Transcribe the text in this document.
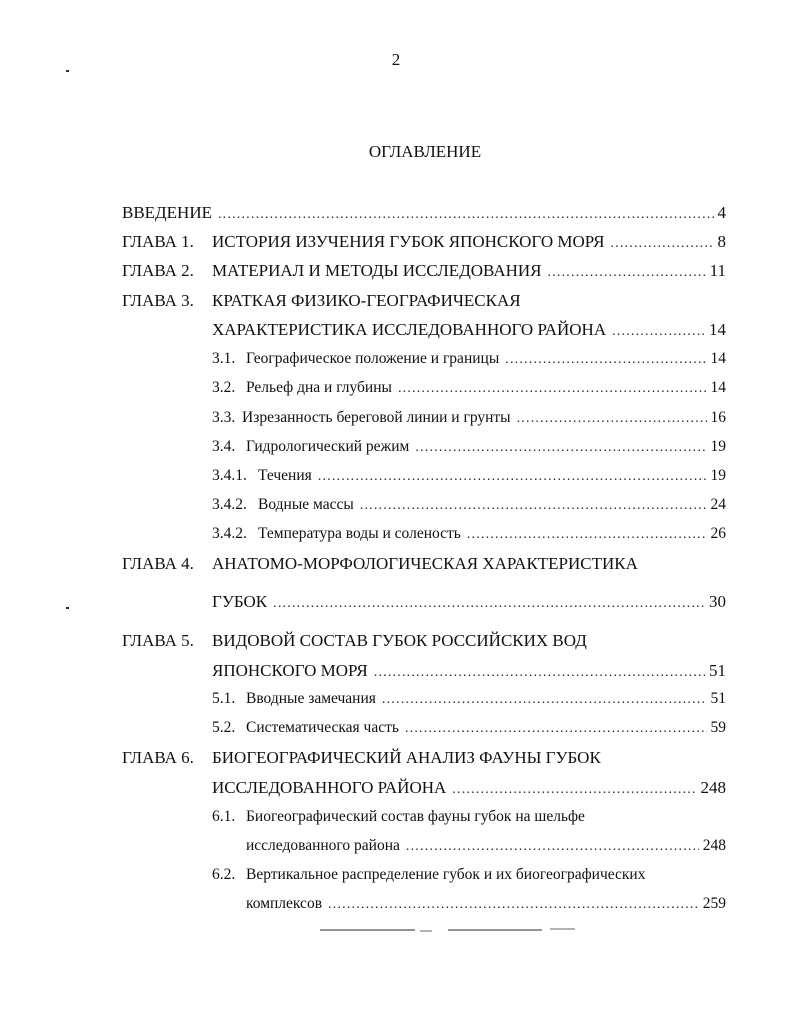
2
ОГЛАВЛЕНИЕ
ВВЕДЕНИЕ .....	4
ГЛАВА 1.	ИСТОРИЯ ИЗУЧЕНИЯ ГУБОК ЯПОНСКОГО МОРЯ .....	8
ГЛАВА 2.	МАТЕРИАЛ И МЕТОДЫ ИССЛЕДОВАНИЯ .....	11
ГЛАВА 3. КРАТКАЯ ФИЗИКО-ГЕОГРАФИЧЕСКАЯ
ХАРАКТЕРИСТИКА ИССЛЕДОВАННОГО РАЙОНА .....	14
3.1. Географическое положение и границы .....	14
3.2. Рельеф дна и глубины .....	14
3.3. Изрезанность береговой линии и грунты .....	16
3.4. Гидрологический режим .....	19
3.4.1. Течения .....	19
3.4.2. Водные массы .....	24
3.4.2. Температура воды и соленость .....	26
ГЛАВА 4. АНАТОМО-МОРФОЛОГИЧЕСКАЯ ХАРАКТЕРИСТИКА
ГУБОК .....	30
ГЛАВА 5. ВИДОВОЙ СОСТАВ ГУБОК РОССИЙСКИХ ВОД
ЯПОНСКОГО МОРЯ .....	51
5.1. Вводные замечания .....	51
5.2. Систематическая часть .....	59
ГЛАВА 6. БИОГЕОГРАФИЧЕСКИЙ АНАЛИЗ ФАУНЫ ГУБОК
ИССЛЕДОВАННОГО РАЙОНА .....	248
6.1. Биогеографический состав фауны губок на шельфе
исследованного района .....	248
6.2. Вертикальное распределение губок и их биогеографических
комплексов .....	259
